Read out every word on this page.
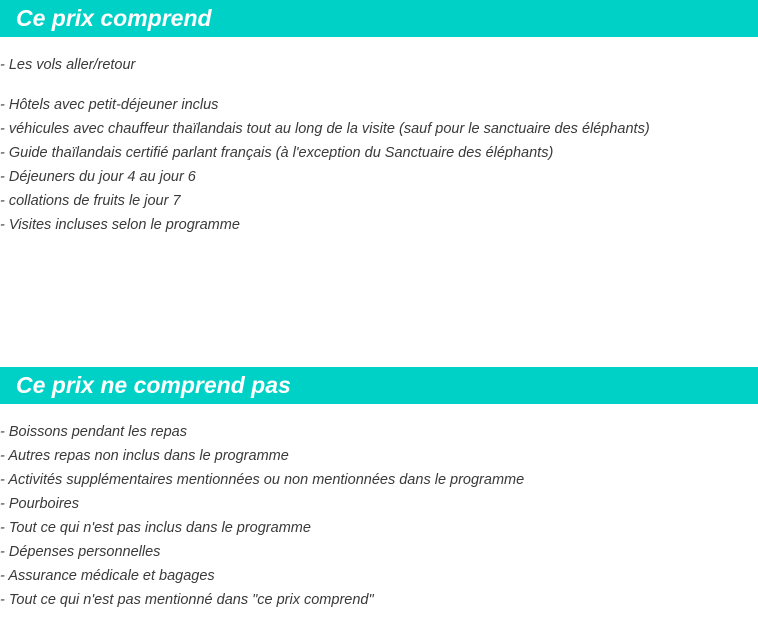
Ce prix comprend
- Les vols aller/retour
- Hôtels avec petit-déjeuner inclus
- véhicules avec chauffeur thaïlandais tout au long de la visite (sauf pour le sanctuaire des éléphants)
- Guide thaïlandais certifié parlant français (à l'exception du Sanctuaire des éléphants)
- Déjeuners du jour 4 au jour 6
- collations de fruits le jour 7
- Visites incluses selon le programme
Ce prix ne comprend pas
- Boissons pendant les repas
- Autres repas non inclus dans le programme
- Activités supplémentaires mentionnées ou non mentionnées dans le programme
- Pourboires
- Tout ce qui n'est pas inclus dans le programme
- Dépenses personnelles
- Assurance médicale et bagages
- Tout ce qui n'est pas mentionné dans "ce prix comprend"
